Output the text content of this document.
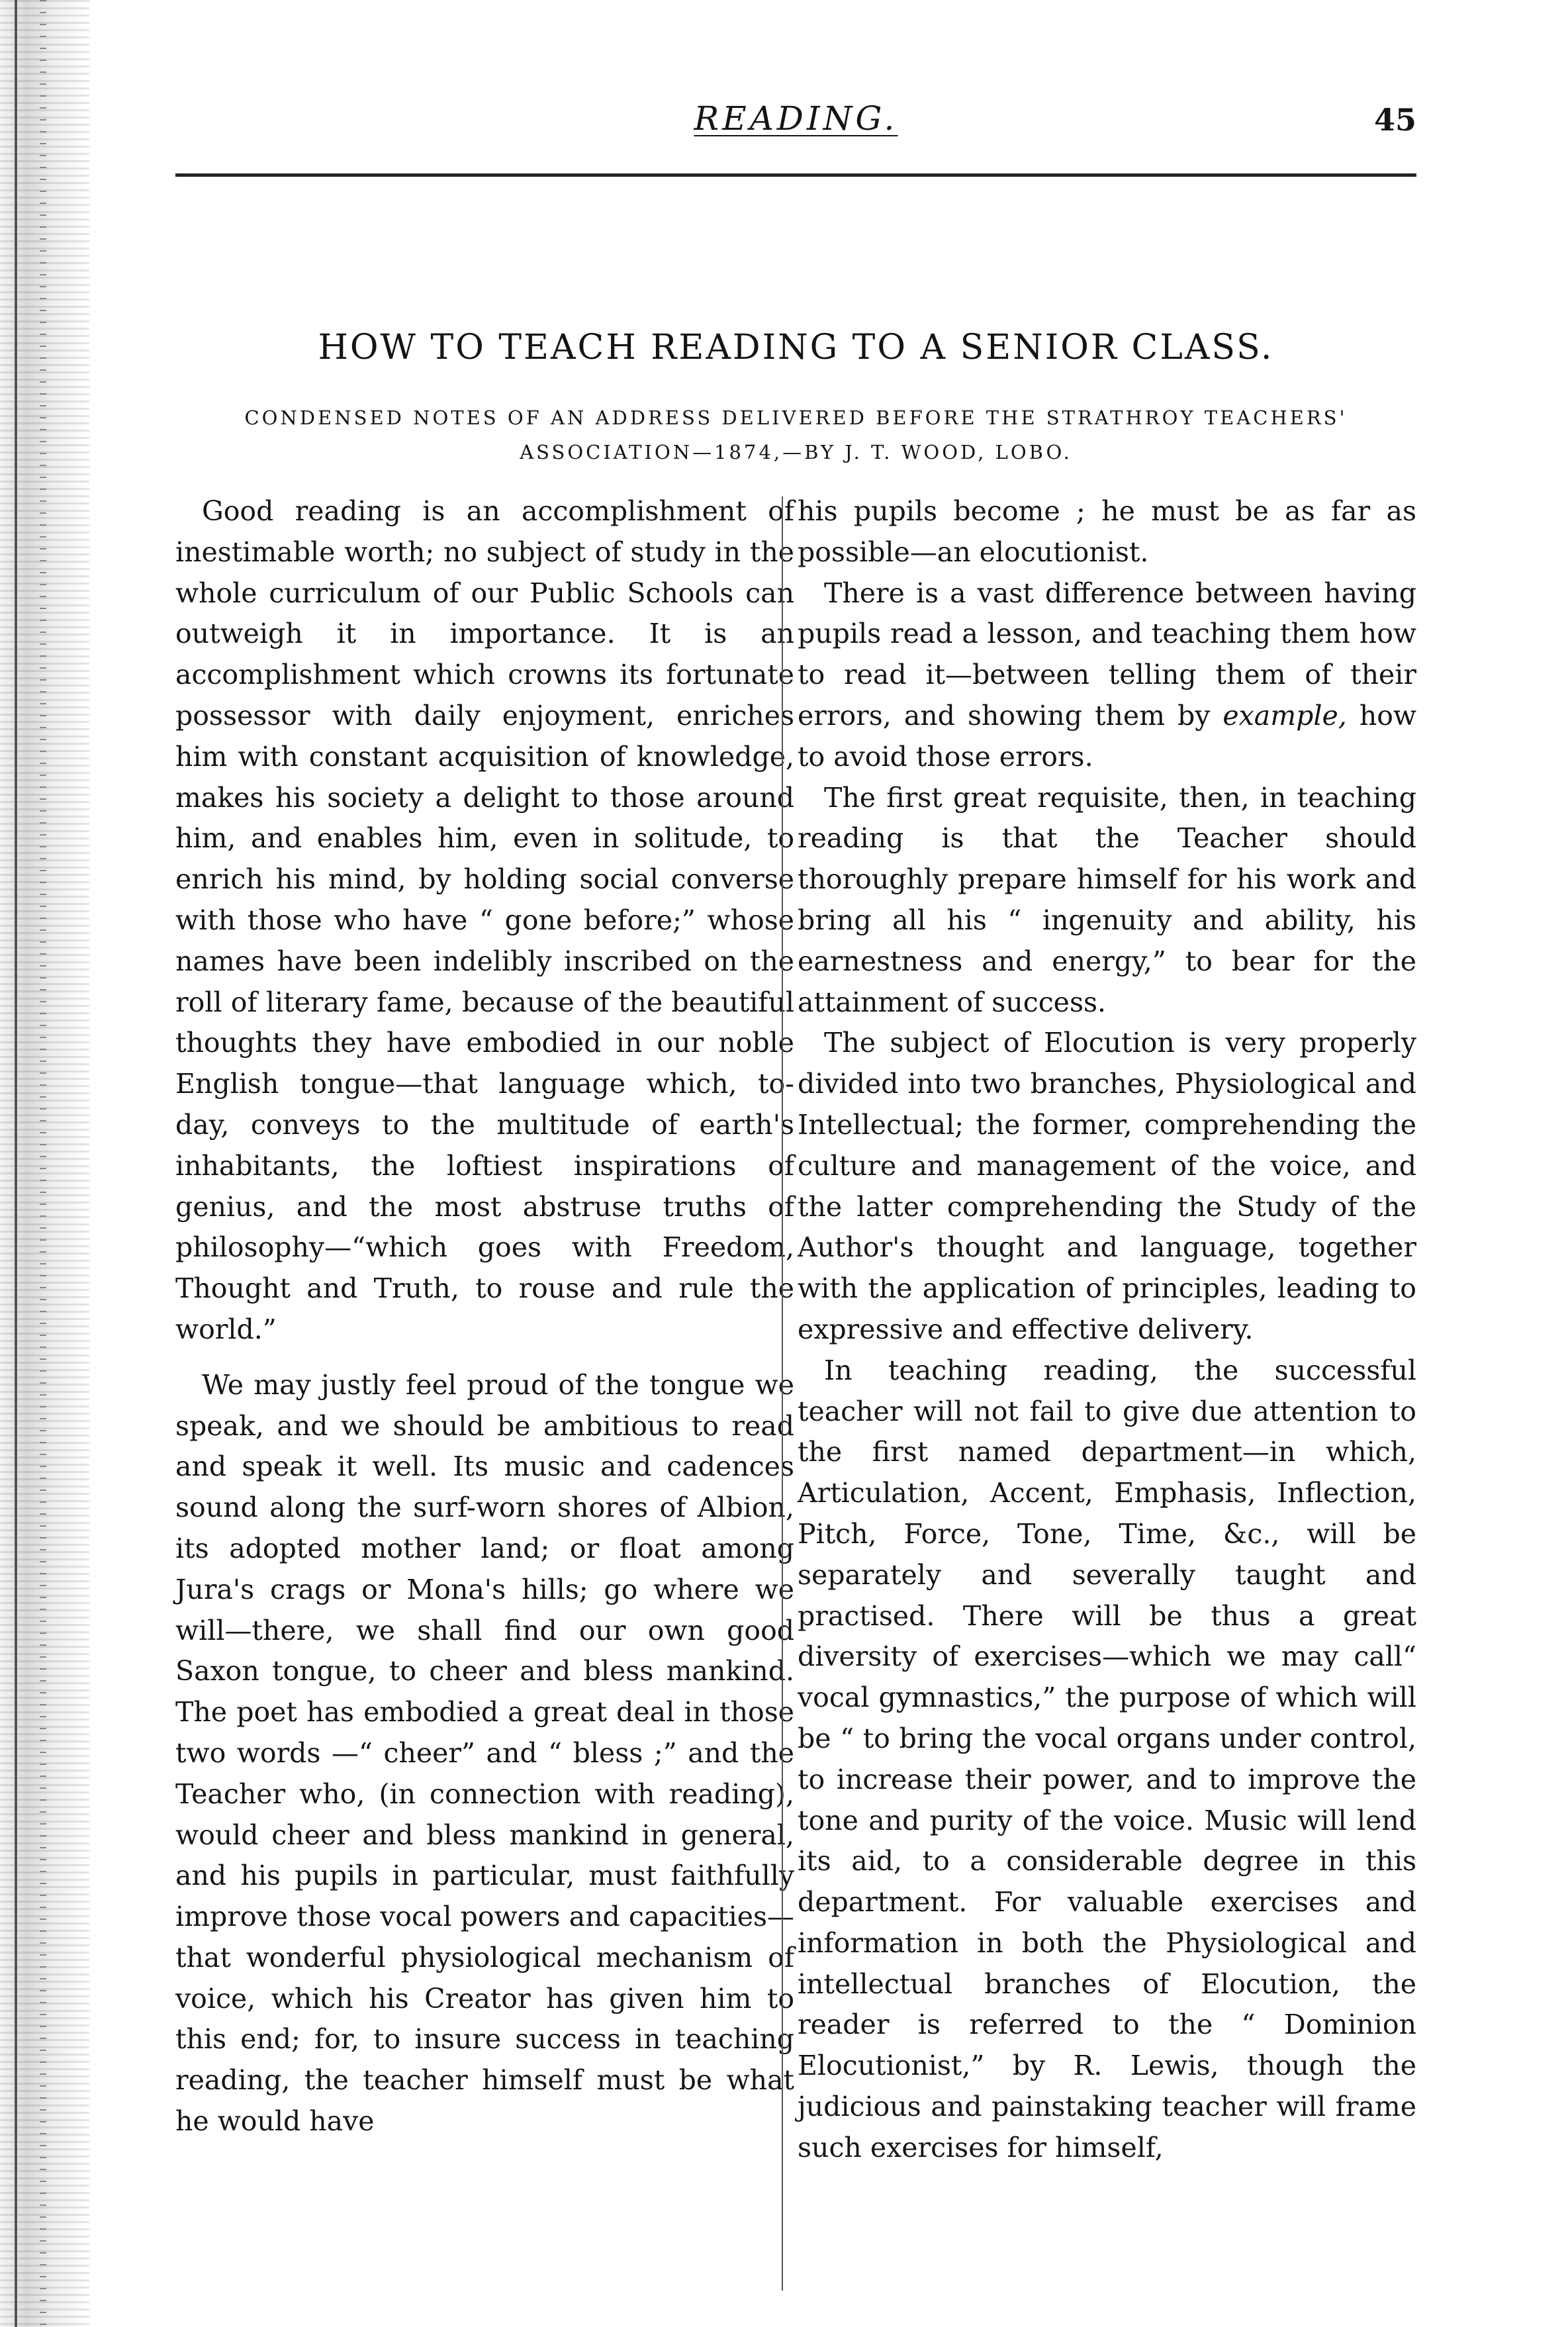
READING.	45
HOW TO TEACH READING TO A SENIOR CLASS.
CONDENSED NOTES OF AN ADDRESS DELIVERED BEFORE THE STRATHROY TEACHERS'
ASSOCIATION—1874,—BY J. T. WOOD, LOBO.

Good reading is an accomplishment of inestimable worth; no subject of study in the whole curriculum of our Public Schools can outweigh it in importance. It is an accomplishment which crowns its fortunate possessor with daily enjoyment, enriches him with constant acquisition of knowledge, makes his society a delight to those around him, and enables him, even in solitude, to enrich his mind, by holding social converse with those who have “ gone before;” whose names have been indelibly inscribed on the roll of literary fame, because of the beautiful thoughts they have embodied in our noble English tongue—that language which, to-day, conveys to the multitude of earth's inhabitants, the loftiest inspirations of genius, and the most abstruse truths of philosophy—“which goes with Freedom, Thought and Truth, to rouse and rule the world.”

We may justly feel proud of the tongue we speak, and we should be ambitious to read and speak it well. Its music and cadences sound along the surf-worn shores of Albion, its adopted mother land; or float among Jura's crags or Mona's hills; go where we will—there, we shall find our own good Saxon tongue, to cheer and bless mankind. The poet has embodied a great deal in those two words —“ cheer” and “ bless ;” and the Teacher who, (in connection with reading), would cheer and bless mankind in general, and his pupils in particular, must faithfully improve those vocal powers and capacities—that wonderful physiological mechanism of voice, which his Creator has given him to this end; for, to insure success in teaching reading, the teacher himself must be what he would have

his pupils become ; he must be as far as possible—an elocutionist.

There is a vast difference between having pupils read a lesson, and teaching them how to read it—between telling them of their errors, and showing them by example, how to avoid those errors.

The first great requisite, then, in teaching reading is that the Teacher should thoroughly prepare himself for his work and bring all his “ ingenuity and ability, his earnestness and energy,” to bear for the attainment of success.

The subject of Elocution is very properly divided into two branches, Physiological and Intellectual; the former, comprehending the culture and management of the voice, and the latter comprehending the Study of the Author's thought and language, together with the application of principles, leading to expressive and effective delivery.

In teaching reading, the successful teacher will not fail to give due attention to the first named department—in which, Articulation, Accent, Emphasis, Inflection, Pitch, Force, Tone, Time, &c., will be separately and severally taught and practised. There will be thus a great diversity of exercises—which we may call“ vocal gymnastics,” the purpose of which will be “ to bring the vocal organs under control, to increase their power, and to improve the tone and purity of the voice. Music will lend its aid, to a considerable degree in this department. For valuable exercises and information in both the Physiological and intellectual branches of Elocution, the reader is referred to the “ Dominion Elocutionist,” by R. Lewis, though the judicious and painstaking teacher will frame such exercises for himself,
